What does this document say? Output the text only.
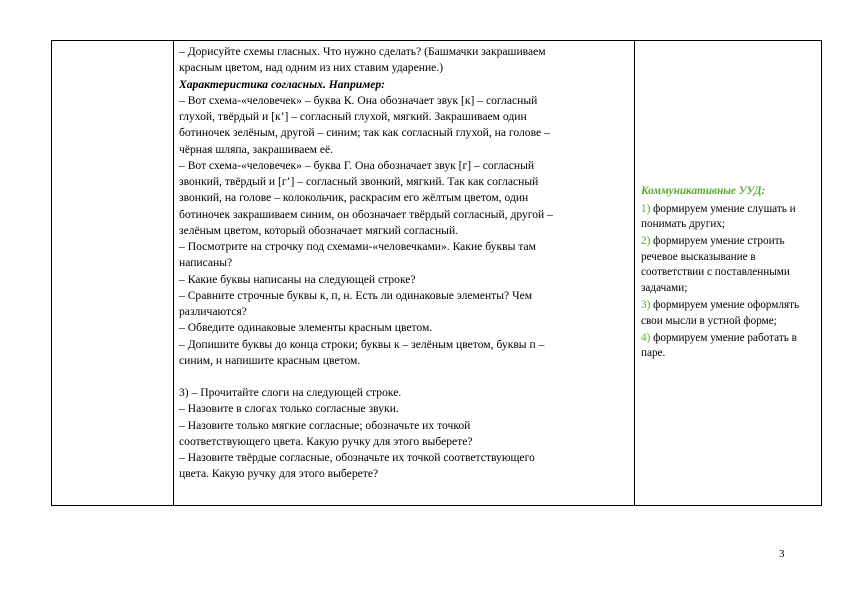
– Дорисуйте схемы гласных. Что нужно сделать? (Башмачки закрашиваем

красным цветом, над одним из них ставим ударение.)

Характеристика согласных. Например:

– Вот схема-«человечек» – буква К. Она обозначает звук [к] – согласный

глухой, твёрдый и [к’] – согласный глухой, мягкий. Закрашиваем один

ботиночек зелёным, другой – синим; так как согласный глухой, на голове –

чёрная шляпа, закрашиваем её.

– Вот схема-«человечек» – буква Г. Она обозначает звук [г] – согласный

звонкий, твёрдый и [г’] – согласный звонкий, мягкий. Так как согласный

звонкий, на голове – колокольчик, раскрасим его жёлтым цветом, один

ботиночек закрашиваем синим, он обозначает твёрдый согласный, другой –

зелёным цветом, который обозначает мягкий согласный.

– Посмотрите на строчку под схемами-«человечками». Какие буквы там

написаны?

– Какие буквы написаны на следующей строке?

– Сравните строчные буквы к, п, н. Есть ли одинаковые элементы? Чем

различаются?

– Обведите одинаковые элементы красным цветом.

– Допишите буквы до конца строки; буквы к – зелёным цветом, буквы п –

синим, н напишите красным цветом.

3) – Прочитайте слоги на следующей строке.

– Назовите в слогах только согласные звуки.

– Назовите только мягкие согласные; обозначьте их точкой

соответствующего цвета. Какую ручку для этого выберете?

– Назовите твёрдые согласные, обозначьте их точкой соответствующего

цвета. Какую ручку для этого выберете?

Коммуникативные УУД:

1) формируем умение слушать и понимать других;

2) формируем умение строить речевое высказывание в соответствии с поставленными задачами;

3) формируем умение оформлять свои мысли в устной форме;

4) формируем умение работать в паре.

3
